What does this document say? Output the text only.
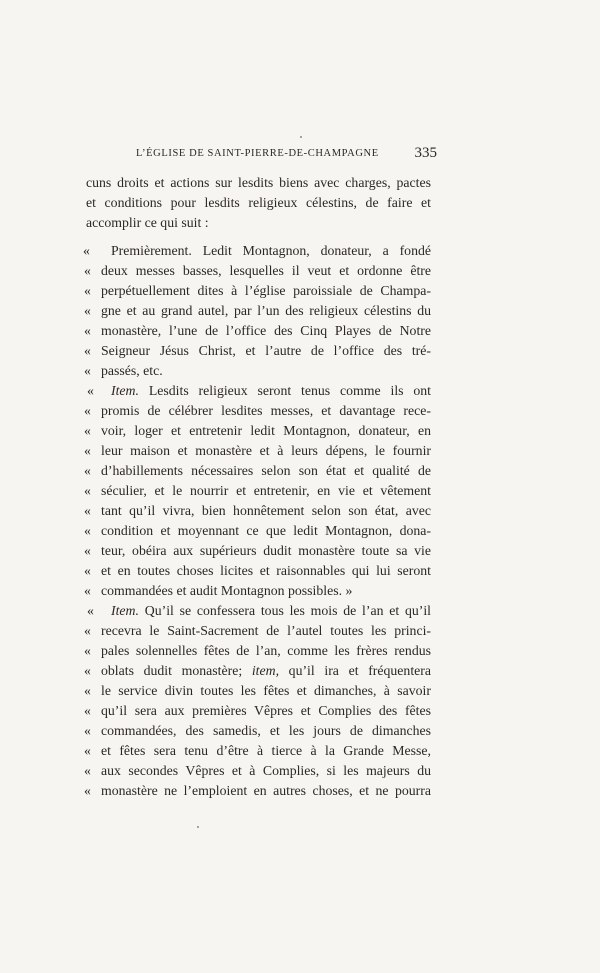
L’ÉGLISE DE SAINT-PIERRE-DE-CHAMPAGNE 335
cuns droits et actions sur lesdits biens avec charges, pactes
et conditions pour lesdits religieux célestins, de faire et
accomplir ce qui suit :
«	Premièrement. Ledit Montagnon, donateur, a fondé
« deux messes basses, lesquelles il veut et ordonne être
« perpétuellement dites à l’église paroissiale de Champa-
« gne et au grand autel, par l’un des religieux célestins du
« monastère, l’une de l’office des Cinq Playes de Notre
« Seigneur Jésus Christ, et l’autre de l’office des tré-
« passés, etc.
«	Item. Lesdits religieux seront tenus comme ils ont
« promis de célébrer lesdites messes, et davantage rece-
« voir, loger et entretenir ledit Montagnon, donateur, en
« leur maison et monastère et à leurs dépens, le fournir
« d’habillements nécessaires selon son état et qualité de
« séculier, et le nourrir et entretenir, en vie et vêtement
« tant qu’il vivra, bien honnêtement selon son état, avec
« condition et moyennant ce que ledit Montagnon, dona-
« teur, obéira aux supérieurs dudit monastère toute sa vie
« et en toutes choses licites et raisonnables qui lui seront
« commandées et audit Montagnon possibles. »
«	Item. Qu’il se confessera tous les mois de l’an et qu’il
« recevra le Saint-Sacrement de l’autel toutes les princi-
« pales solennelles fêtes de l’an, comme les frères rendus
« oblats dudit monastère; item, qu’il ira et fréquentera
« le service divin toutes les fêtes et dimanches, à savoir
« qu’il sera aux premières Vêpres et Complies des fêtes
« commandées, des samedis, et les jours de dimanches
« et fêtes sera tenu d’être à tierce à la Grande Messe,
« aux secondes Vêpres et à Complies, si les majeurs du
« monastère ne l’emploient en autres choses, et ne pourra
